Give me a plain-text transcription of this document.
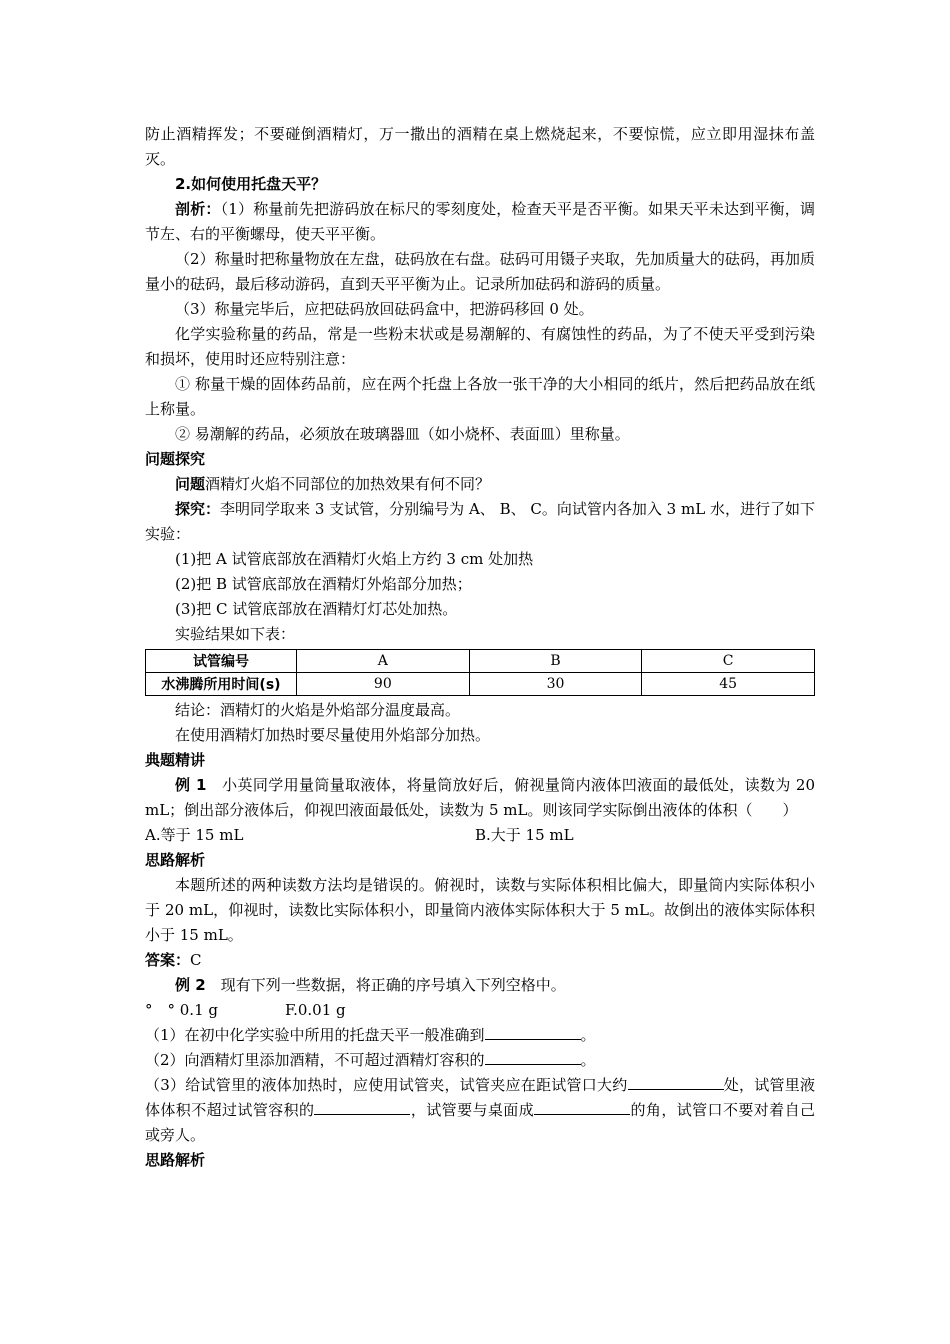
防止酒精挥发；不要碰倒酒精灯，万一撒出的酒精在桌上燃烧起来，不要惊慌，应立即用湿抹布盖灭。

2.如何使用托盘天平？

剖析：（1）称量前先把游码放在标尺的零刻度处，检查天平是否平衡。如果天平未达到平衡，调节左、右的平衡螺母，使天平平衡。

（2）称量时把称量物放在左盘，砝码放在右盘。砝码可用镊子夹取，先加质量大的砝码，再加质量小的砝码，最后移动游码，直到天平平衡为止。记录所加砝码和游码的质量。

（3）称量完毕后，应把砝码放回砝码盒中，把游码移回 0 处。

化学实验称量的药品，常是一些粉末状或是易潮解的、有腐蚀性的药品，为了不使天平受到污染和损坏，使用时还应特别注意：

① 称量干燥的固体药品前，应在两个托盘上各放一张干净的大小相同的纸片，然后把药品放在纸上称量。

② 易潮解的药品，必须放在玻璃器皿（如小烧杯、表面皿）里称量。

问题探究

问题酒精灯火焰不同部位的加热效果有何不同？

探究：李明同学取来 3 支试管，分别编号为 A、 B、 C。向试管内各加入 3 mL 水，进行了如下实验：

(1)把 A 试管底部放在酒精灯火焰上方约 3 cm 处加热

(2)把 B 试管底部放在酒精灯外焰部分加热；

(3)把 C 试管底部放在酒精灯灯芯处加热。

实验结果如下表：

试管编号	A	B	C
水沸腾所用时间(s)	90	30	45

结论：酒精灯的火焰是外焰部分温度最高。

在使用酒精灯加热时要尽量使用外焰部分加热。

典题精讲

例 1　 小英同学用量筒量取液体，将量筒放好后，俯视量筒内液体凹液面的最低处，读数为 20 mL；倒出部分液体后，仰视凹液面最低处，读数为 5 mL。则该同学实际倒出液体的体积（　　）

A.等于 15 mL	B.大于 15 mL

思路解析

本题所述的两种读数方法均是错误的。俯视时，读数与实际体积相比偏大，即量筒内实际体积小于 20 mL，仰视时，读数比实际体积小，即量筒内液体实际体积大于 5 mL。故倒出的液体实际体积小于 15 mL。

答案：C

例 2　 现有下列一些数据，将正确的序号填入下列空格中。

°　° 0.1 g	F.0.01 g

（1）在初中化学实验中所用的托盘天平一般准确到	。

（2）向酒精灯里添加酒精，不可超过酒精灯容积的	。

（3）给试管里的液体加热时，应使用试管夹，试管夹应在距试管口大约	处，试管里液体体积不超过试管容积的	，试管要与桌面成	的角，试管口不要对着自己或旁人。

思路解析
